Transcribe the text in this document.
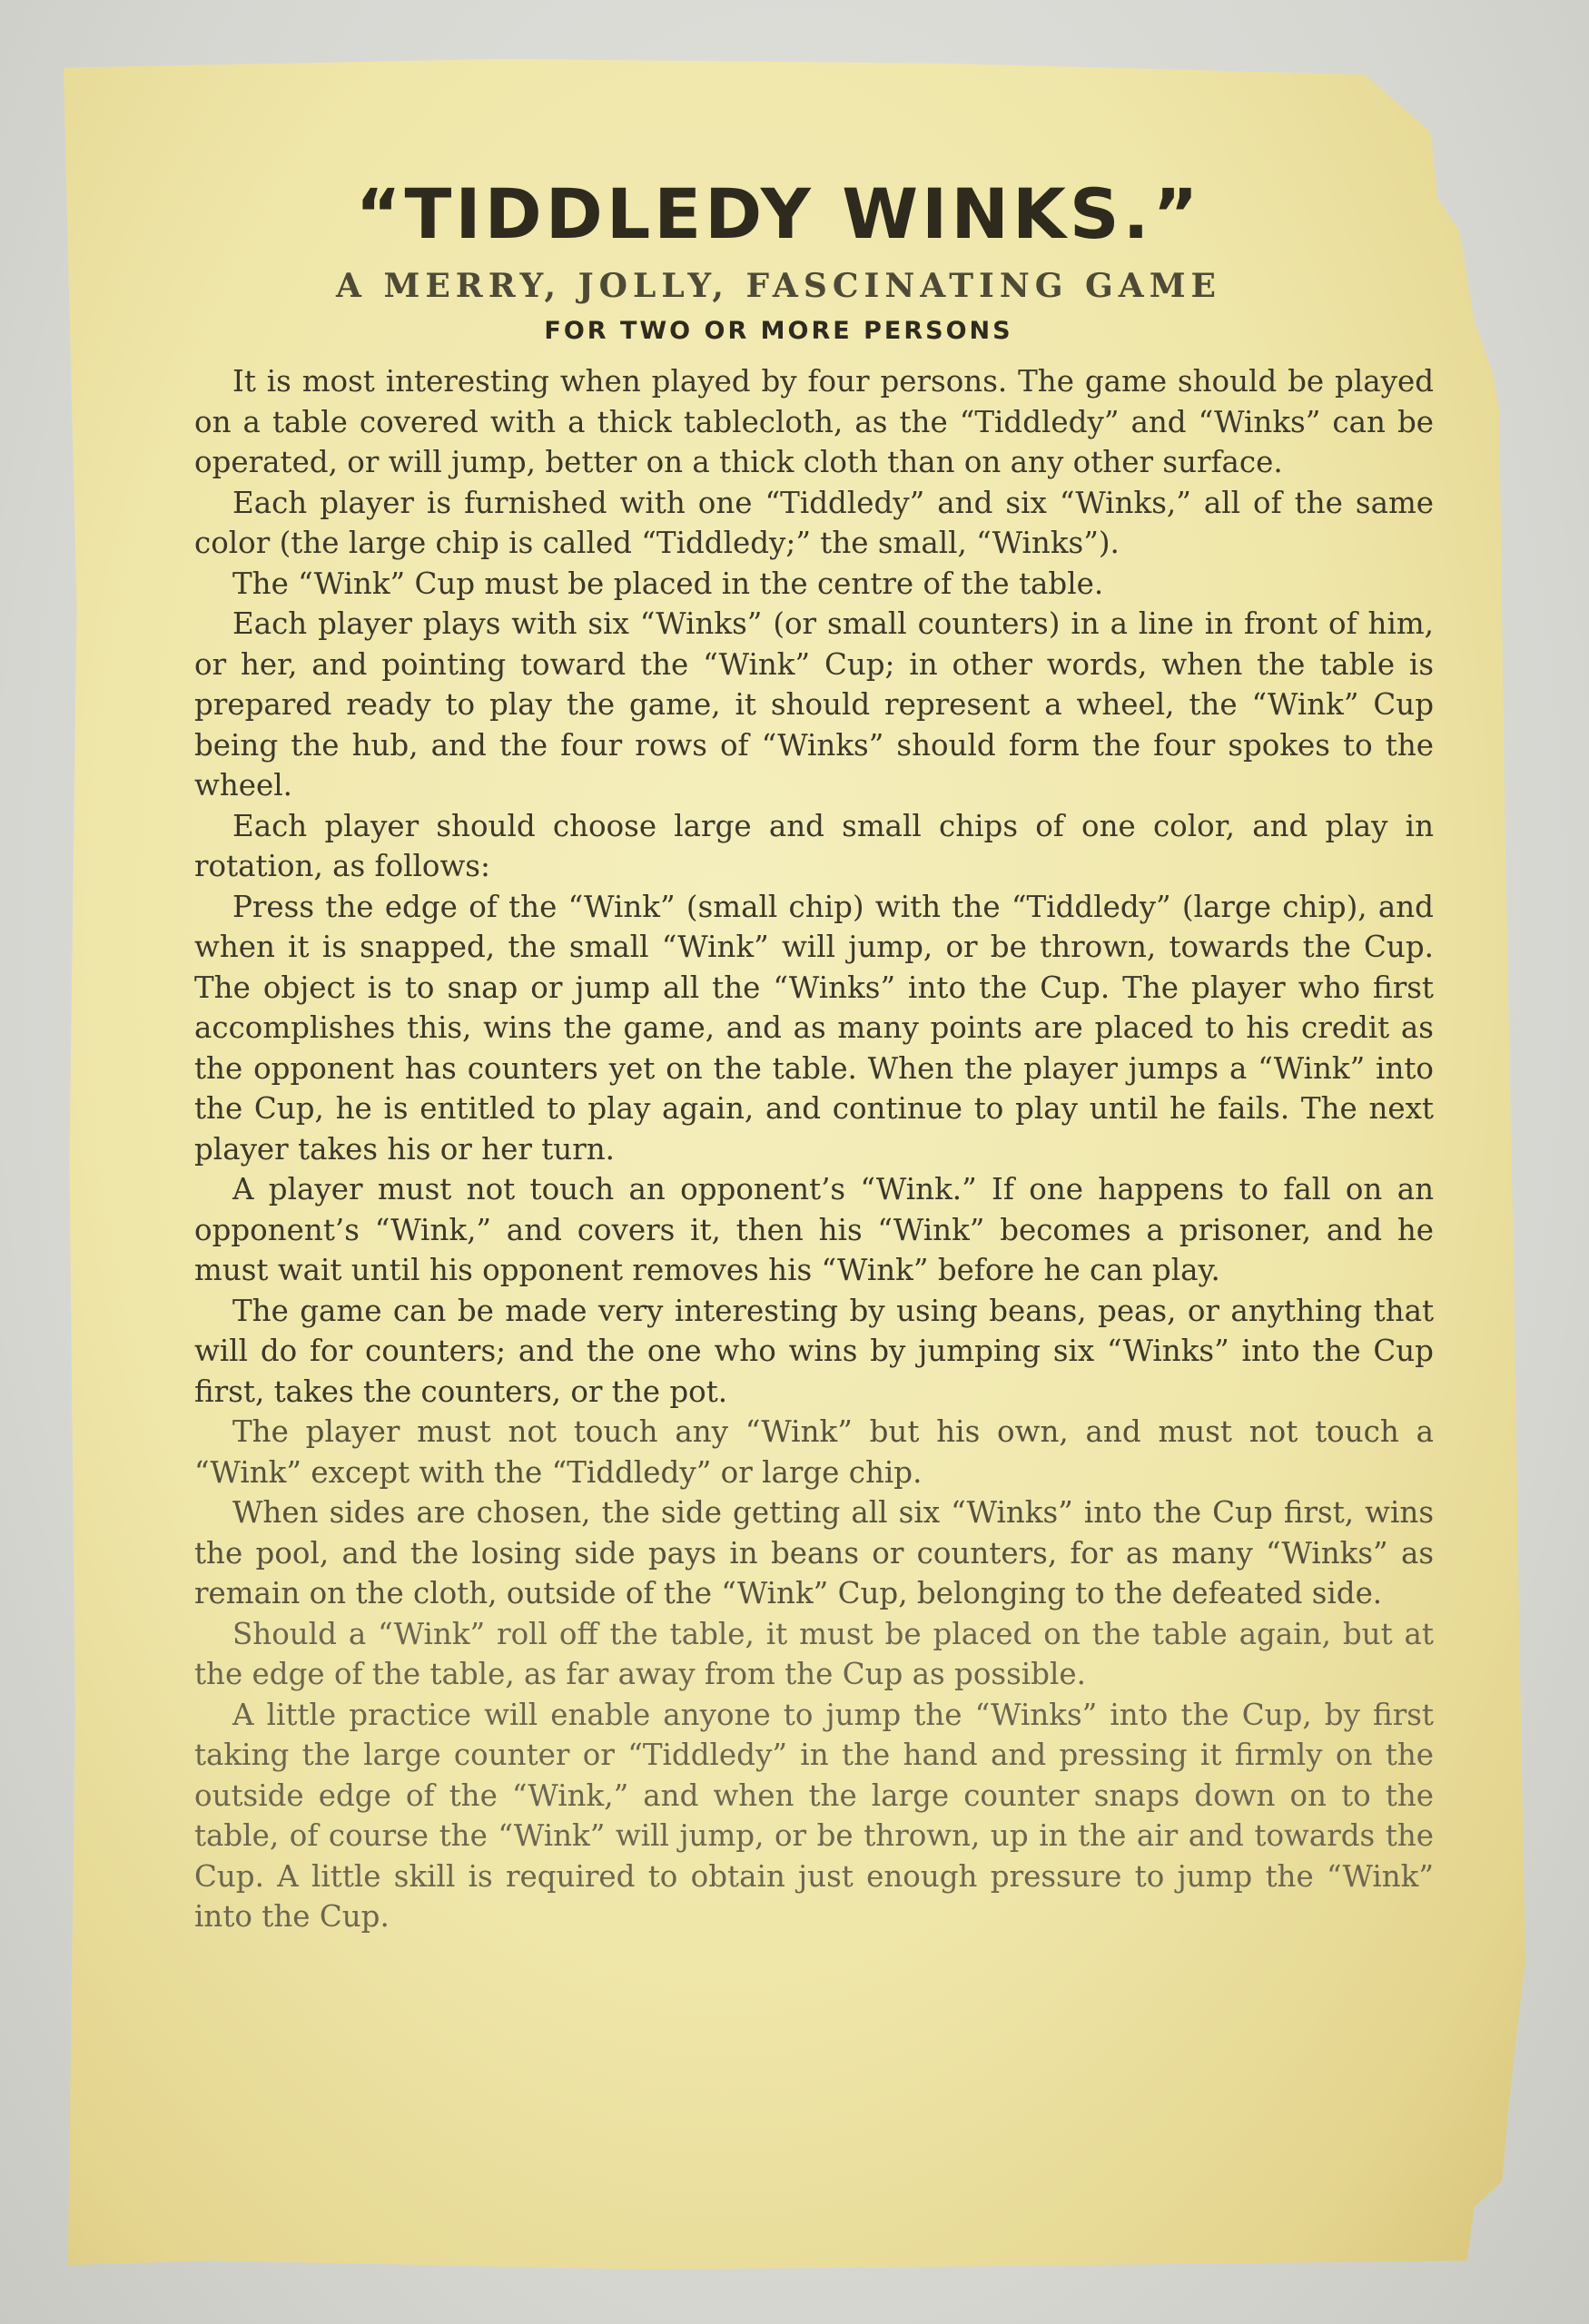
“TIDDLEDY WINKS.”
A MERRY, JOLLY, FASCINATING GAME
FOR TWO OR MORE PERSONS

It is most interesting when played by four persons. The game should be played on a table covered with a thick tablecloth, as the “Tiddledy” and “Winks” can be operated, or will jump, better on a thick cloth than on any other surface.

Each player is furnished with one “Tiddledy” and six “Winks,” all of the same color (the large chip is called “Tiddledy;” the small, “Winks”).

The “Wink” Cup must be placed in the centre of the table.

Each player plays with six “Winks” (or small counters) in a line in front of him, or her, and pointing toward the “Wink” Cup; in other words, when the table is prepared ready to play the game, it should represent a wheel, the “Wink” Cup being the hub, and the four rows of “Winks” should form the four spokes to the wheel.

Each player should choose large and small chips of one color, and play in rotation, as follows:

Press the edge of the “Wink” (small chip) with the “Tiddledy” (large chip), and when it is snapped, the small “Wink” will jump, or be thrown, towards the Cup. The object is to snap or jump all the “Winks” into the Cup. The player who first accomplishes this, wins the game, and as many points are placed to his credit as the opponent has counters yet on the table. When the player jumps a “Wink” into the Cup, he is entitled to play again, and continue to play until he fails. The next player takes his or her turn.

A player must not touch an opponent’s “Wink.” If one happens to fall on an opponent’s “Wink,” and covers it, then his “Wink” becomes a prisoner, and he must wait until his opponent removes his “Wink” before he can play.

The game can be made very interesting by using beans, peas, or anything that will do for counters; and the one who wins by jumping six “Winks” into the Cup first, takes the counters, or the pot.

The player must not touch any “Wink” but his own, and must not touch a “Wink” except with the “Tiddledy” or large chip.

When sides are chosen, the side getting all six “Winks” into the Cup first, wins the pool, and the losing side pays in beans or counters, for as many “Winks” as remain on the cloth, outside of the “Wink” Cup, belonging to the defeated side.

Should a “Wink” roll off the table, it must be placed on the table again, but at the edge of the table, as far away from the Cup as possible.

A little practice will enable anyone to jump the “Winks” into the Cup, by first taking the large counter or “Tiddledy” in the hand and pressing it firmly on the outside edge of the “Wink,” and when the large counter snaps down on to the table, of course the “Wink” will jump, or be thrown, up in the air and towards the Cup. A little skill is required to obtain just enough pressure to jump the “Wink” into the Cup.
